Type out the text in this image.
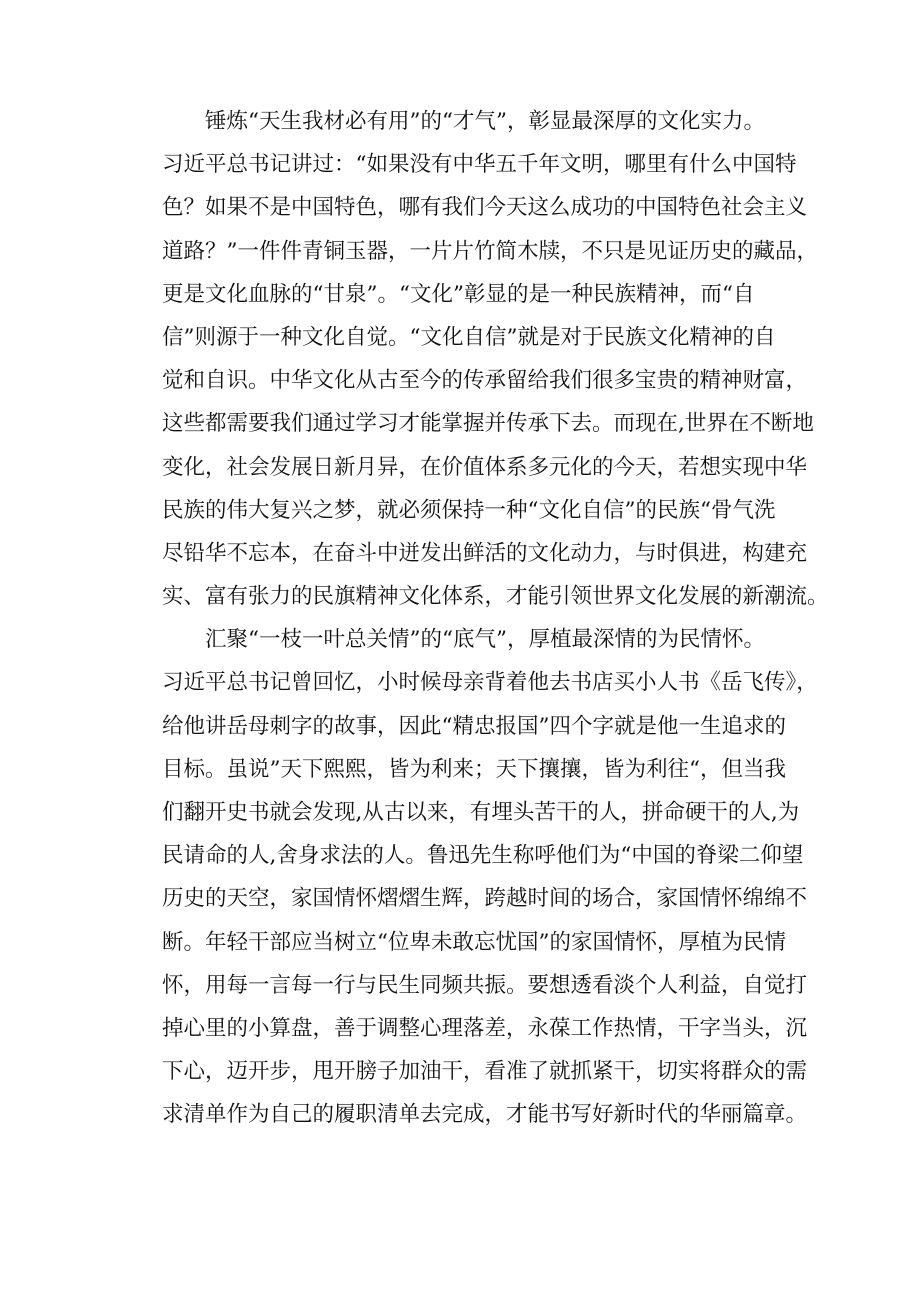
锤炼“天生我材必有用”的“才气”，彰显最深厚的文化实力。
习近平总书记讲过：“如果没有中华五千年文明，哪里有什么中国特
色？如果不是中国特色，哪有我们今天这么成功的中国特色社会主义
道路？”一件件青铜玉器，一片片竹简木牍，不只是见证历史的藏品，
更是文化血脉的“甘泉”。“文化”彰显的是一种民族精神，而“自
信”则源于一种文化自觉。“文化自信”就是对于民族文化精神的自
觉和自识。中华文化从古至今的传承留给我们很多宝贵的精神财富，
这些都需要我们通过学习才能掌握并传承下去。而现在,世界在不断地
变化，社会发展日新月异，在价值体系多元化的今天，若想实现中华
民族的伟大复兴之梦，就必须保持一种“文化自信”的民族“骨气洗
尽铅华不忘本，在奋斗中迸发出鲜活的文化动力，与时俱进，构建充
实、富有张力的民旗精神文化体系，才能引领世界文化发展的新潮流。
汇聚“一枝一叶总关情”的“底气”，厚植最深情的为民情怀。
习近平总书记曾回忆，小时候母亲背着他去书店买小人书《岳飞传》，
给他讲岳母刺字的故事，因此“精忠报国”四个字就是他一生追求的
目标。虽说”天下熙熙，皆为利来；天下攘攘，皆为利往“，但当我
们翻开史书就会发现,从古以来，有埋头苦干的人，拼命硬干的人,为
民请命的人,舍身求法的人。鲁迅先生称呼他们为“中国的脊梁二仰望
历史的天空，家国情怀熠熠生辉，跨越时间的场合，家国情怀绵绵不
断。年轻干部应当树立“位卑未敢忘忧国”的家国情怀，厚植为民情
怀，用每一言每一行与民生同频共振。要想透看淡个人利益，自觉打
掉心里的小算盘，善于调整心理落差，永葆工作热情，干字当头，沉
下心，迈开步，甩开膀子加油干，看准了就抓紧干，切实将群众的需
求清单作为自己的履职清单去完成，才能书写好新时代的华丽篇章。
